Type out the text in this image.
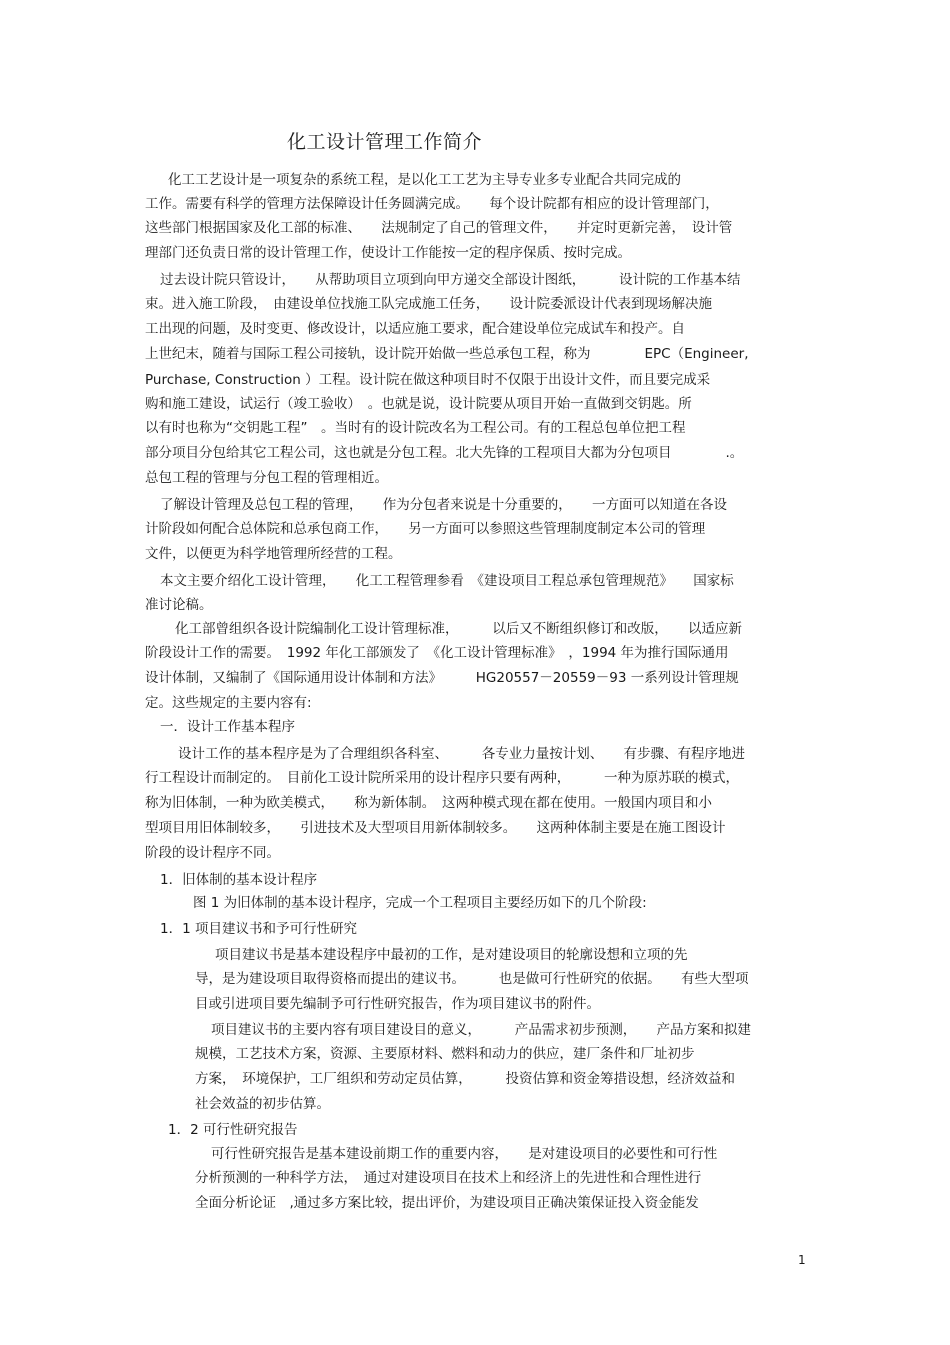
化工设计管理工作简介
化工工艺设计是一项复杂的系统工程，是以化工工艺为主导专业多专业配合共同完成的
工作。需要有科学的管理方法保障设计任务圆满完成。　　每个设计院都有相应的设计管理部门，
这些部门根据国家及化工部的标准、　　法规制定了自己的管理文件，　　并定时更新完善，　设计管
理部门还负责日常的设计管理工作，使设计工作能按一定的程序保质、按时完成。
过去设计院只管设计，　　从帮助项目立项到向甲方递交全部设计图纸，　　　设计院的工作基本结
束。进入施工阶段，　由建设单位找施工队完成施工任务，　　设计院委派设计代表到现场解决施
工出现的问题，及时变更、修改设计，以适应施工要求，配合建设单位完成试车和投产。自
上世纪末，随着与国际工程公司接轨，设计院开始做一些总承包工程，称为　　　　EPC（Engineer,
Purchase, Construction ）工程。设计院在做这种项目时不仅限于出设计文件，而且要完成采
购和施工建设，试运行（竣工验收）　。也就是说，设计院要从项目开始一直做到交钥匙。所
以有时也称为“交钥匙工程”　。当时有的设计院改名为工程公司。有的工程总包单位把工程
部分项目分包给其它工程公司，这也就是分包工程。北大先锋的工程项目大都为分包项目　　　　.。
总包工程的管理与分包工程的管理相近。
了解设计管理及总包工程的管理，　　作为分包者来说是十分重要的，　　一方面可以知道在各设
计阶段如何配合总体院和总承包商工作，　　另一方面可以参照这些管理制度制定本公司的管理
文件，以便更为科学地管理所经营的工程。
本文主要介绍化工设计管理，　　化工工程管理参看　《建设项目工程总承包管理规范》　　国家标
准讨论稿。
化工部曾组织各设计院编制化工设计管理标准，　　　以后又不断组织修订和改版，　　以适应新
阶段设计工作的需要。　1992 年化工部颁发了　《化工设计管理标准》　，1994 年为推行国际通用
设计体制，又编制了《国际通用设计体制和方法》　　　HG20557－20559－93 一系列设计管理规
定。这些规定的主要内容有:
一．设计工作基本程序
设计工作的基本程序是为了合理组织各科室、　　　各专业力量按计划、　　有步骤、有程序地进
行工程设计而制定的。　目前化工设计院所采用的设计程序只要有两种，　　　一种为原苏联的模式，
称为旧体制，一种为欧美模式，　　称为新体制。　这两种模式现在都在使用。一般国内项目和小
型项目用旧体制较多，　　引进技术及大型项目用新体制较多。　　这两种体制主要是在施工图设计
阶段的设计程序不同。
1．旧体制的基本设计程序
图 1 为旧体制的基本设计程序，完成一个工程项目主要经历如下的几个阶段:
1．1 项目建议书和予可行性研究
项目建议书是基本建设程序中最初的工作，是对建设项目的轮廓设想和立项的先
导，是为建设项目取得资格而提出的建议书。　　　也是做可行性研究的依据。　　有些大型项
目或引进项目要先编制予可行性研究报告，作为项目建议书的附件。
项目建议书的主要内容有项目建设目的意义，　　　产品需求初步预测，　　产品方案和拟建
规模，工艺技术方案，资源、主要原材料、燃料和动力的供应，建厂条件和厂址初步
方案，　环境保护，工厂组织和劳动定员估算，　　　投资估算和资金筹措设想，经济效益和
社会效益的初步估算。
1．2 可行性研究报告
可行性研究报告是基本建设前期工作的重要内容，　　是对建设项目的必要性和可行性
分析预测的一种科学方法，　通过对建设项目在技术上和经济上的先进性和合理性进行
全面分析论证　,通过多方案比较，提出评价，为建设项目正确决策保证投入资金能发
1
